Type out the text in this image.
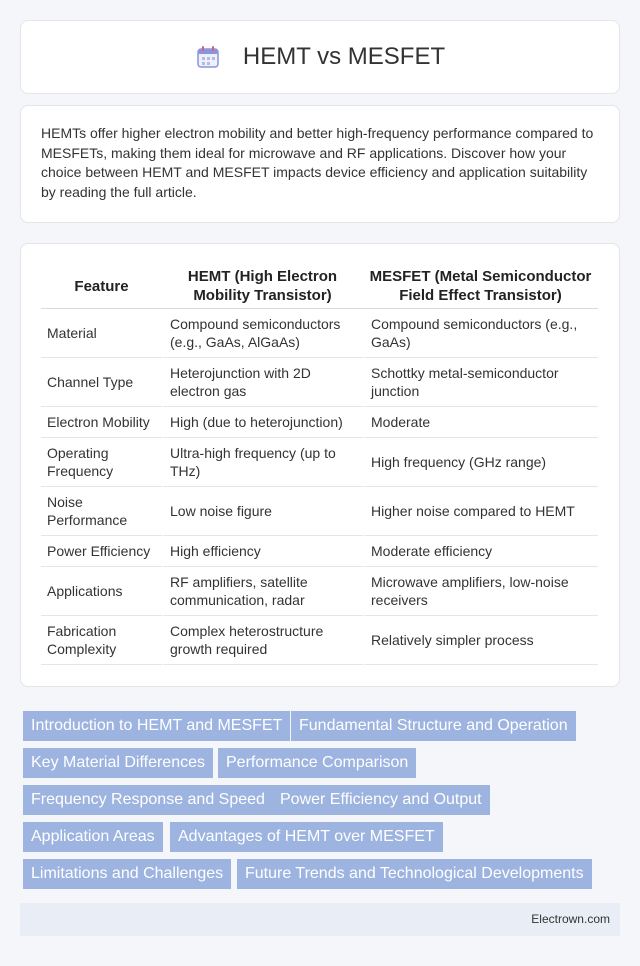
HEMT vs MESFET

HEMTs offer higher electron mobility and better high-frequency performance compared to MESFETs, making them ideal for microwave and RF applications. Discover how your choice between HEMT and MESFET impacts device efficiency and application suitability by reading the full article.

Feature	HEMT (High Electron Mobility Transistor)	MESFET (Metal Semiconductor Field Effect Transistor)
Material	Compound semiconductors (e.g., GaAs, AlGaAs)	Compound semiconductors (e.g., GaAs)
Channel Type	Heterojunction with 2D electron gas	Schottky metal-semiconductor junction
Electron Mobility	High (due to heterojunction)	Moderate
Operating Frequency	Ultra-high frequency (up to THz)	High frequency (GHz range)
Noise Performance	Low noise figure	Higher noise compared to HEMT
Power Efficiency	High efficiency	Moderate efficiency
Applications	RF amplifiers, satellite communication, radar	Microwave amplifiers, low-noise receivers
Fabrication Complexity	Complex heterostructure growth required	Relatively simpler process
Introduction to HEMT and MESFET	Fundamental Structure and Operation
Key Material Differences	Performance Comparison
Frequency Response and Speed Power Efficiency and Output
Application Areas	Advantages of HEMT over MESFET
Limitations and Challenges	Future Trends and Technological Developments
Electrown.com
